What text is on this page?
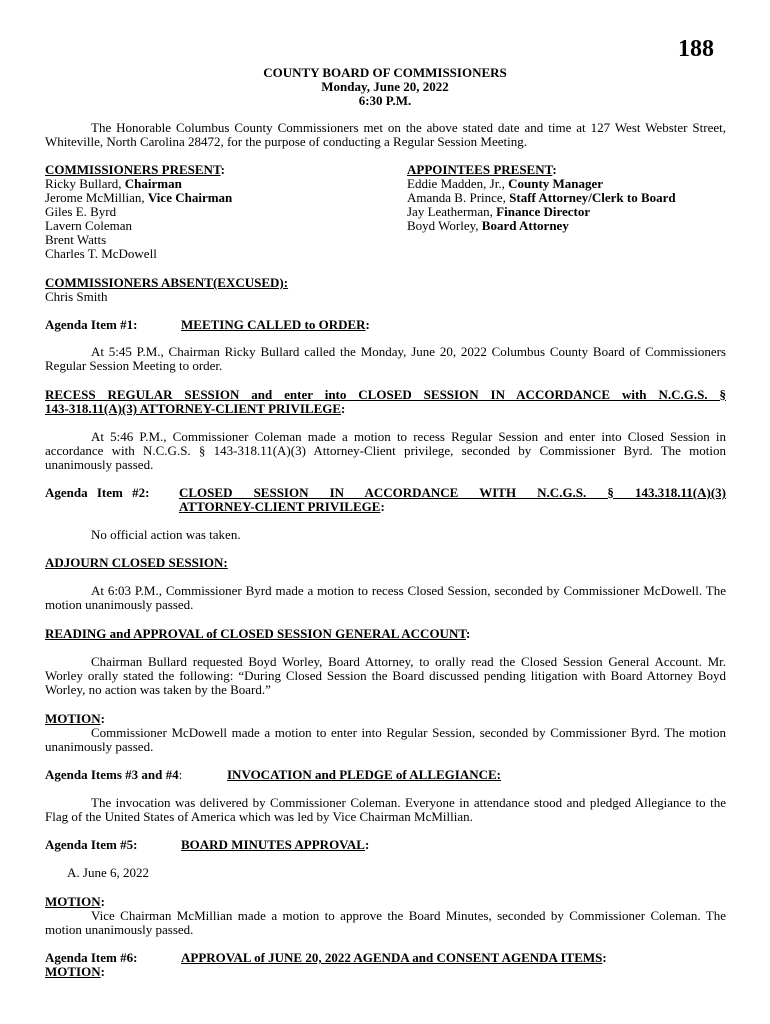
188
COUNTY BOARD OF COMMISSIONERS
Monday, June 20, 2022
6:30 P.M.
The Honorable Columbus County Commissioners met on the above stated date and time at 127 West Webster Street, Whiteville, North Carolina 28472, for the purpose of conducting a Regular Session Meeting.
COMMISSIONERS PRESENT:
Ricky Bullard, Chairman
Jerome McMillian, Vice Chairman
Giles E. Byrd
Lavern Coleman
Brent Watts
Charles T. McDowell
APPOINTEES PRESENT:
Eddie Madden, Jr., County Manager
Amanda B. Prince, Staff Attorney/Clerk to Board
Jay Leatherman, Finance Director
Boyd Worley, Board Attorney
COMMISSIONERS ABSENT(EXCUSED):
Chris Smith
Agenda Item #1:	MEETING CALLED to ORDER:
At 5:45 P.M., Chairman Ricky Bullard called the Monday, June 20, 2022 Columbus County Board of Commissioners Regular Session Meeting to order.
RECESS REGULAR SESSION and enter into CLOSED SESSION IN ACCORDANCE with N.C.G.S. §
143-318.11(A)(3) ATTORNEY-CLIENT PRIVILEGE:
At 5:46 P.M., Commissioner Coleman made a motion to recess Regular Session and enter into Closed Session in accordance with N.C.G.S. § 143-318.11(A)(3) Attorney-Client privilege, seconded by Commissioner Byrd. The motion unanimously passed.
Agenda Item #2: CLOSED SESSION IN ACCORDANCE WITH N.C.G.S. § 143.318.11(A)(3)
ATTORNEY-CLIENT PRIVILEGE:
No official action was taken.
ADJOURN CLOSED SESSION:
At 6:03 P.M., Commissioner Byrd made a motion to recess Closed Session, seconded by Commissioner McDowell. The motion unanimously passed.
READING and APPROVAL of CLOSED SESSION GENERAL ACCOUNT:
Chairman Bullard requested Boyd Worley, Board Attorney, to orally read the Closed Session General Account. Mr. Worley orally stated the following: “During Closed Session the Board discussed pending litigation with Board Attorney Boyd Worley, no action was taken by the Board.”
MOTION:
Commissioner McDowell made a motion to enter into Regular Session, seconded by Commissioner Byrd. The motion unanimously passed.
Agenda Items #3 and #4:	INVOCATION and PLEDGE of ALLEGIANCE:
The invocation was delivered by Commissioner Coleman. Everyone in attendance stood and pledged Allegiance to the Flag of the United States of America which was led by Vice Chairman McMillian.
Agenda Item #5:	BOARD MINUTES APPROVAL:
A. June 6, 2022
MOTION:
Vice Chairman McMillian made a motion to approve the Board Minutes, seconded by Commissioner Coleman. The motion unanimously passed.
Agenda Item #6:	APPROVAL of JUNE 20, 2022 AGENDA and CONSENT AGENDA ITEMS:
MOTION:
